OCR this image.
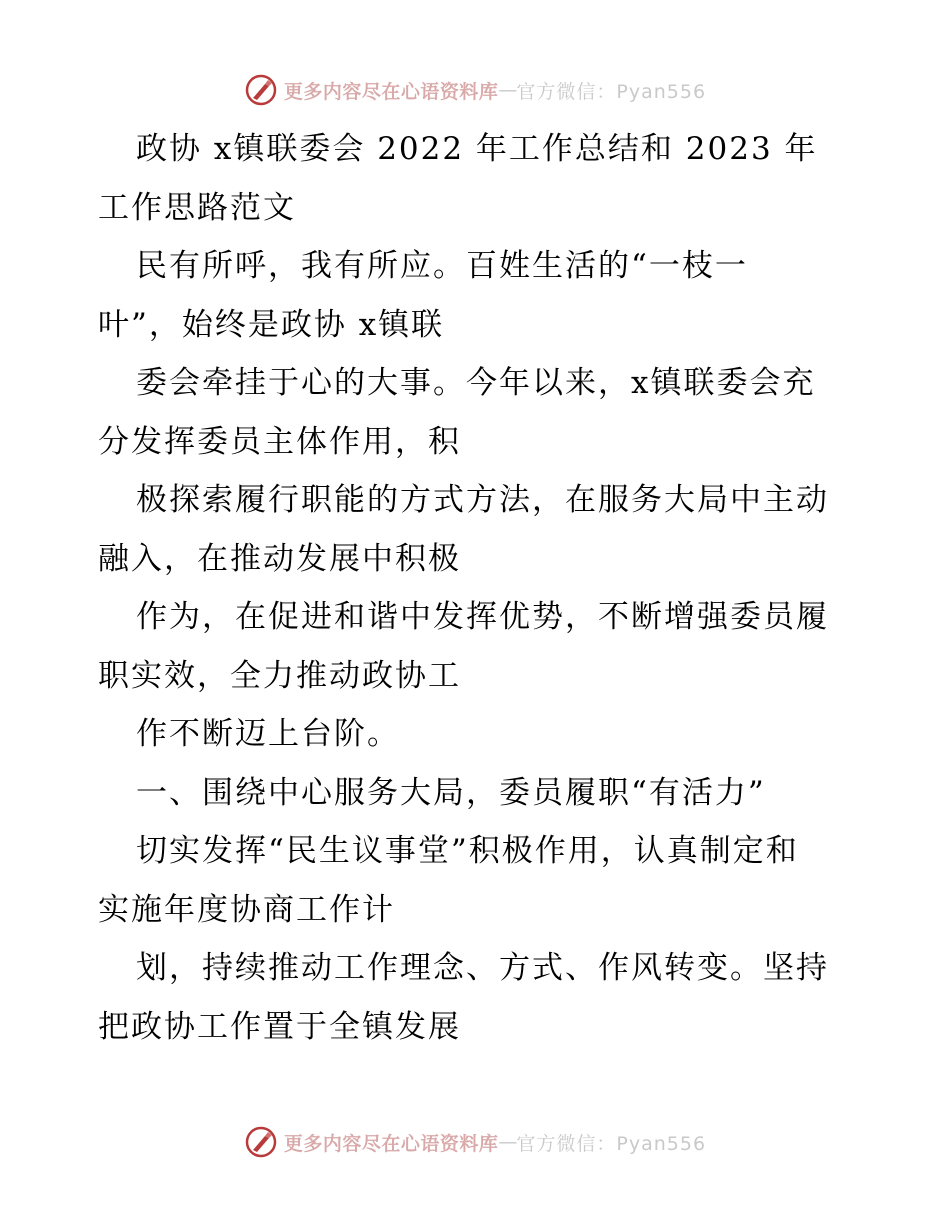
更多内容尽在心语资料库 — 官方微信：Pyan556
政协 x镇联委会 2022 年工作总结和 2023 年
工作思路范文
民有所呼，我有所应。百姓生活的“一枝一
叶”，始终是政协 x镇联
委会牵挂于心的大事。今年以来，x镇联委会充
分发挥委员主体作用，积
极探索履行职能的方式方法，在服务大局中主动
融入，在推动发展中积极
作为，在促进和谐中发挥优势，不断增强委员履
职实效，全力推动政协工
作不断迈上台阶。
一、围绕中心服务大局，委员履职“有活力”
切实发挥“民生议事堂”积极作用，认真制定和
实施年度协商工作计
划，持续推动工作理念、方式、作风转变。坚持
把政协工作置于全镇发展
更多内容尽在心语资料库 — 官方微信：Pyan556
